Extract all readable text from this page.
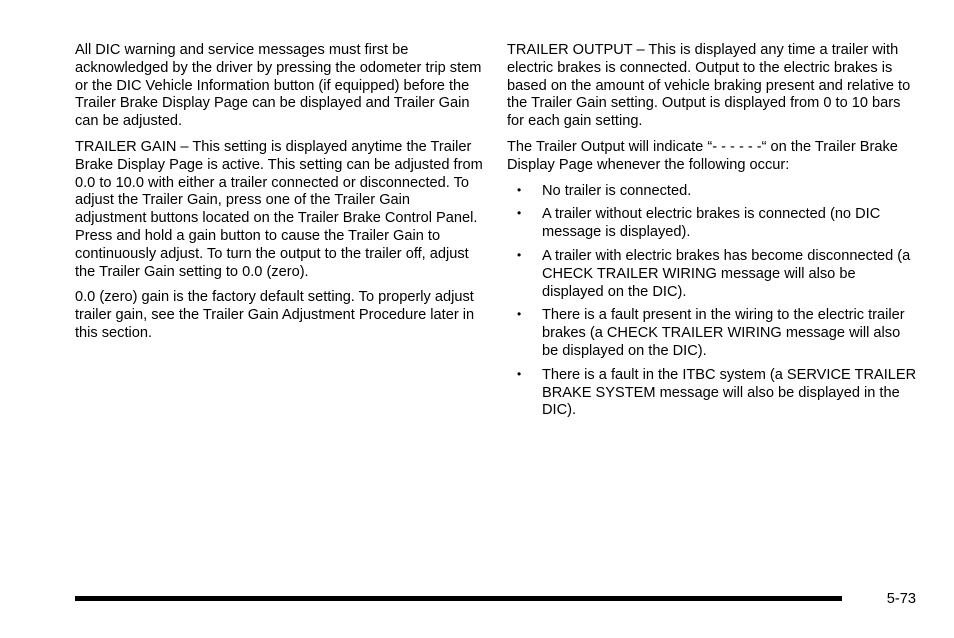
All DIC warning and service messages must first be acknowledged by the driver by pressing the odometer trip stem or the DIC Vehicle Information button (if equipped) before the Trailer Brake Display Page can be displayed and Trailer Gain can be adjusted.

TRAILER GAIN – This setting is displayed anytime the Trailer Brake Display Page is active. This setting can be adjusted from 0.0 to 10.0 with either a trailer connected or disconnected. To adjust the Trailer Gain, press one of the Trailer Gain adjustment buttons located on the Trailer Brake Control Panel. Press and hold a gain button to cause the Trailer Gain to continuously adjust. To turn the output to the trailer off, adjust the Trailer Gain setting to 0.0 (zero).

0.0 (zero) gain is the factory default setting. To properly adjust trailer gain, see the Trailer Gain Adjustment Procedure later in this section.

TRAILER OUTPUT – This is displayed any time a trailer with electric brakes is connected. Output to the electric brakes is based on the amount of vehicle braking present and relative to the Trailer Gain setting. Output is displayed from 0 to 10 bars for each gain setting.

The Trailer Output will indicate “- - - - - -“ on the Trailer Brake Display Page whenever the following occur:

• No trailer is connected.
• A trailer without electric brakes is connected (no DIC message is displayed).
• A trailer with electric brakes has become disconnected (a CHECK TRAILER WIRING message will also be displayed on the DIC).
• There is a fault present in the wiring to the electric trailer brakes (a CHECK TRAILER WIRING message will also be displayed on the DIC).
• There is a fault in the ITBC system (a SERVICE TRAILER BRAKE SYSTEM message will also be displayed in the DIC).
5-73
